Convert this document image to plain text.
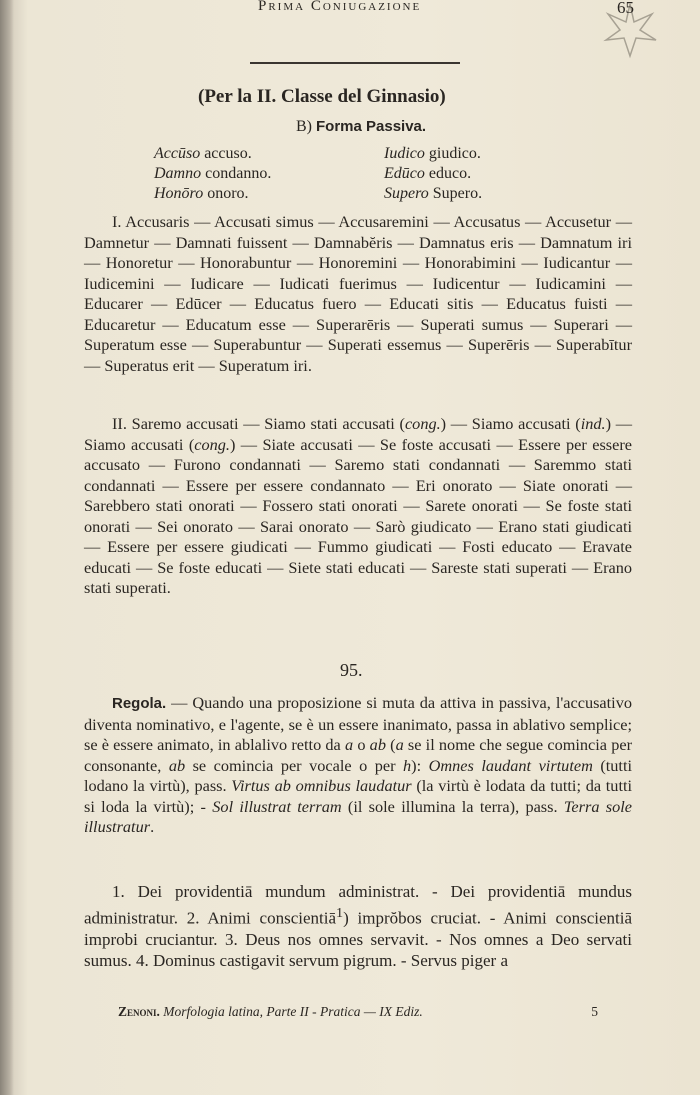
Prima Coniugazione	65
(Per la II. Classe del Ginnasio)
B) Forma Passiva.
Accūso accuso.	Iudico giudico.
Damno condanno.	Edūco educo.
Honōro onoro.	Supero Supero.

I. Accusaris — Accusati simus — Accusaremini — Accusatus — Accusetur — Damnetur — Damnati fuissent — Damnabĕris — Damnatus eris — Damnatum iri — Honoretur — Honorabuntur — Honoremini — Honorabimini — Iudicantur — Iudicemini — Iudicare — Iudicati fuerimus — Iudicentur — Iudicamini — Educarer — Edūcer — Educatus fuero — Educati sitis — Educatus fuisti — Educaretur — Educatum esse — Superarēris — Superati sumus — Superari — Superatum esse — Superabuntur — Superati essemus — Superēris — Superabītur — Superatus erit — Superatum iri.

II. Saremo accusati — Siamo stati accusati (cong.) — Siamo accusati (ind.) — Siamo accusati (cong.) — Siate accusati — Se foste accusati — Essere per essere accusato — Furono condannati — Saremo stati condannati — Saremmo stati condannati — Essere per essere condannato — Eri onorato — Siate onorati — Sarebbero stati onorati — Fossero stati onorati — Sarete onorati — Se foste stati onorati — Sei onorato — Sarai onorato — Sarò giudicato — Erano stati giudicati — Essere per essere giudicati — Fummo giudicati — Fosti educato — Eravate educati — Se foste educati — Siete stati educati — Sareste stati superati — Erano stati superati.

95.

Regola. — Quando una proposizione si muta da attiva in passiva, l'accusativo diventa nominativo, e l'agente, se è un essere inanimato, passa in ablativo semplice; se è essere animato, in ablalivo retto da a o ab (a se il nome che segue comincia per consonante, ab se comincia per vocale o per h): Omnes laudant virtutem (tutti lodano la virtù), pass. Virtus ab omnibus laudatur (la virtù è lodata da tutti; da tutti si loda la virtù); - Sol illustrat terram (il sole illumina la terra), pass. Terra sole illustratur.

1. Dei providentiā mundum administrat. - Dei providentiā mundus administratur. 2. Animi conscientiā$^1$) imprŏbos cruciat. - Animi conscientiā improbi cruciantur. 3. Deus nos omnes servavit. - Nos omnes a Deo servati sumus. 4. Dominus castigavit servum pigrum. - Servus piger a

Zenoni. Morfologia latina, Parte II - Pratica — IX Ediz.	5
